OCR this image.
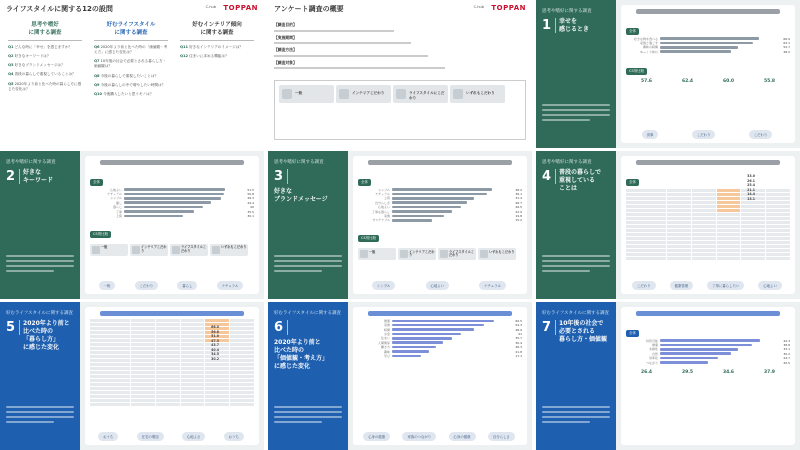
ライフスタイルに関する12の設問	C-hub TOPPAN
思考や嗜好
に関する調査
Q1どんな時に「幸せ」を感じますか？
Q2好きなキーワードは？
Q3好きなブランドメッセージは？
Q4普段の暮らしで重視していることは？
Q52020年より前と比べた時の暮らし方に感じた変化は？
好むライフスタイル
に関する調査
Q62020年より前と比べた時の「価値観・考え方」に感じた変化は？
Q710年後の社会で必要とされる暮らし方・価値観は？
Q8今後の暮らしで重視したいことは？
Q9今後の暮らしの中で増やしたい時間は？
Q10今後購入したいと思うモノは？
好むインテリア傾向
に関する調査
Q11好きなインテリアのイメージは？
Q12住まいに求める機能は？
アンケート調査の概要	C-hub TOPPAN
【調査目的】
【実施期間】
【調査方法】
【調査対象】
一般	インテリアこだわり	ライフスタイルにこだわり
いずれもこだわり
思考や嗜好に関する調査
1 幸せを
感じるとき	全体
好きな物を食べる	66.9
家族と過ごす	63.1
趣味の時間	52.7
ゆっくり休む	48.2
CS別比較
57.6	62.4	60.0	55.8
食事	こだわり	こだわり
思考や嗜好に関する調査
2 好きな
キーワード	全体
心地よい	51.5
ナチュラル	50.8
シンプル	49.3
癒し	44.4
暮らし	40
丁寧	35.5
上質	30.1
CS別比較
一般	インテリアこだわり
ライフスタイルこだわり
いずれもこだわり
一般	こだわり	暮らし	ナチュラル
思考や嗜好に関する調査
3好きな
ブランドメッセージ
全体
シンプル	38.2
ナチュラル	36.1
上質	31.4
自分らしさ	28.7
心地よい	26.5
丁寧な暮らし	22.9
家族	19.8
サステナブル	15.2
CS別比較
一般	インテリアこだわり
ライフスタイルこだわり
いずれもこだわり
シンプル	心地よい	ナチュラル
思考や嗜好に関する調査
4 普段の暮らしで
重視している
ことは
全体
こだわり	健康管理	丁寧に暮らしたい	心地よい
33.0
26.1
25.4
21.1
14.4
13.1
好むライフスタイルに関する調査
5 2020年より前と
比べた時の
「暮らし方」
に感じた変化
おうち	在宅の増加	心地よさ	おうち
66.0
56.8
51.0
47.5
43.7
40.4
34.5
30.2
好むライフスタイルに関する調査
62020年より前と
比べた時の
「価値観・考え方」
に感じた変化
健康	60.5
家族	54.3
時間	48.9
お金	41
住まい	35.7
人間関係	30.4
働き方	26.3
趣味	21.8
学び	17.1
心身の健康	家族のつながり	心身の健康	自分らしさ
好むライフスタイルに関する調査
7 10年後の社会で
必要とされる
暮らし方・価値観
全体
持続可能	42.3
健康	38.8
多様性	33.1
自然	30.2
効率化	24.7
つながり	20.5
26.4	29.5	34.6	37.9
